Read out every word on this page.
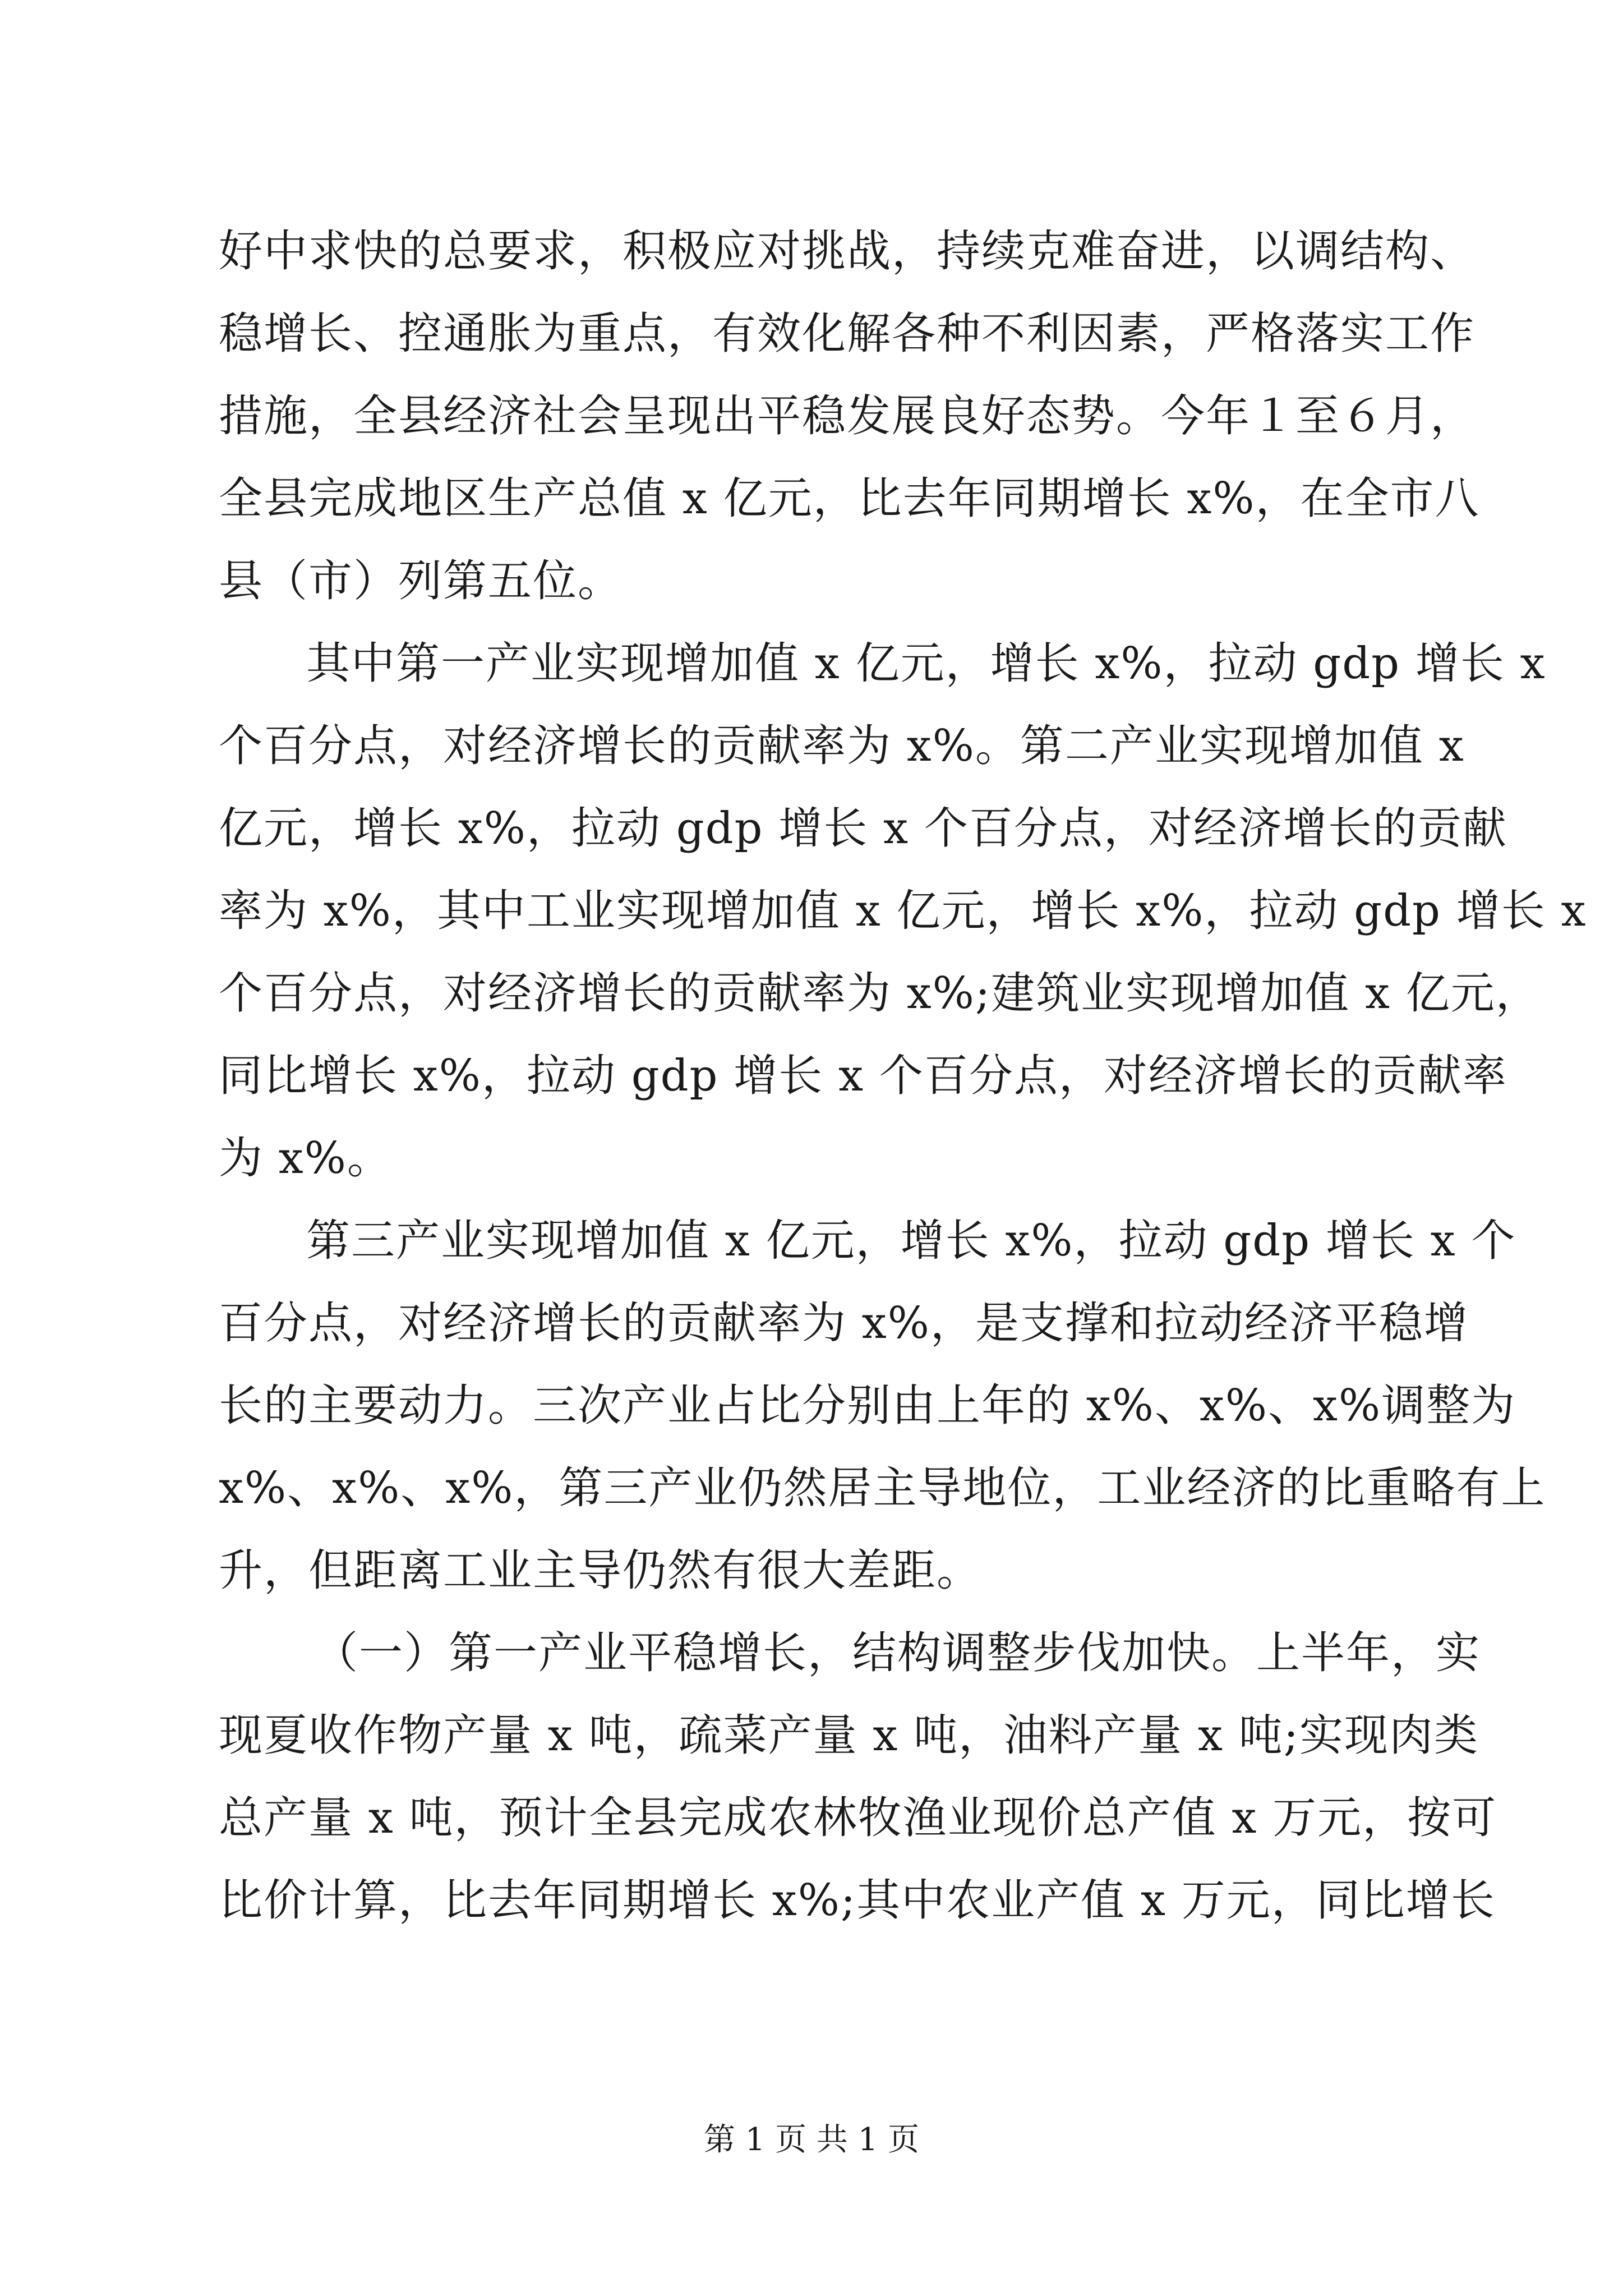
好中求快的总要求，积极应对挑战，持续克难奋进，以调结构、
稳增长、控通胀为重点，有效化解各种不利因素，严格落实工作
措施，全县经济社会呈现出平稳发展良好态势。今年１至６月，
全县完成地区生产总值 x 亿元，比去年同期增长 x%，在全市八
县（市）列第五位。
其中第一产业实现增加值 x 亿元，增长 x%，拉动 gdp 增长 x
个百分点，对经济增长的贡献率为 x%。第二产业实现增加值 x
亿元，增长 x%，拉动 gdp 增长 x 个百分点，对经济增长的贡献
率为 x%，其中工业实现增加值 x 亿元，增长 x%，拉动 gdp 增长 x
个百分点，对经济增长的贡献率为 x%;建筑业实现增加值 x 亿元，
同比增长 x%，拉动 gdp 增长 x 个百分点，对经济增长的贡献率
为 x%。
第三产业实现增加值 x 亿元，增长 x%，拉动 gdp 增长 x 个
百分点，对经济增长的贡献率为 x%，是支撑和拉动经济平稳增
长的主要动力。三次产业占比分别由上年的 x%、x%、x%调整为
x%、x%、x%，第三产业仍然居主导地位，工业经济的比重略有上
升，但距离工业主导仍然有很大差距。
（一）第一产业平稳增长，结构调整步伐加快。上半年，实
现夏收作物产量 x 吨，疏菜产量 x 吨，油料产量 x 吨;实现肉类
总产量 x 吨，预计全县完成农林牧渔业现价总产值 x 万元，按可
比价计算，比去年同期增长 x%;其中农业产值 x 万元，同比增长
第 1 页 共 1 页
